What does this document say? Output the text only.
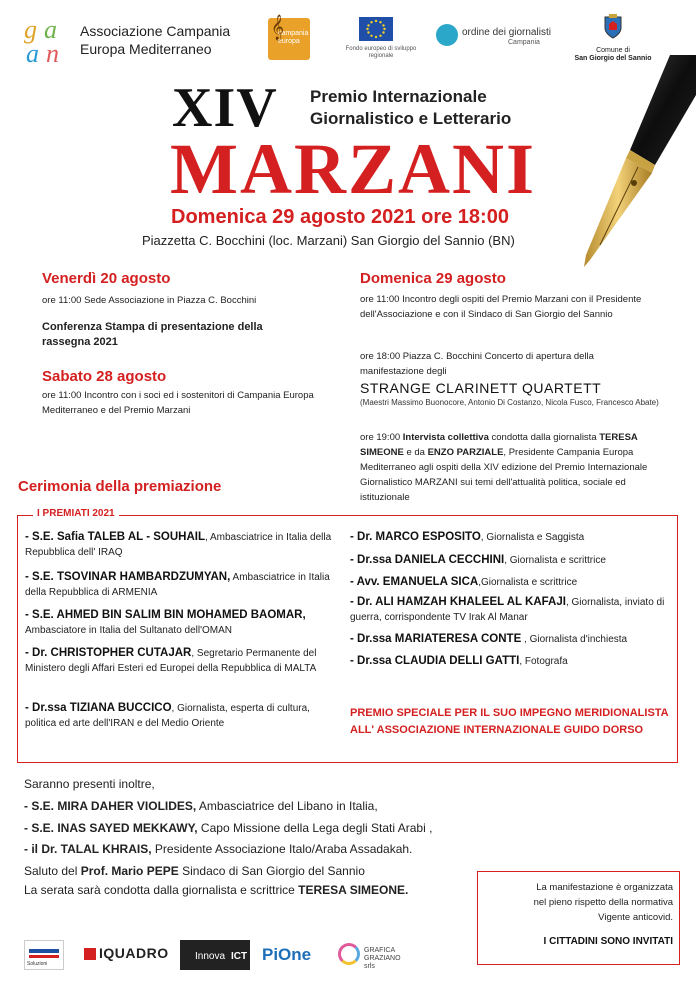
g a
a n
Associazione Campania
Europa Mediterraneo
𝄞
campania europa
Fondo europeo di sviluppo regionale
ordine dei giornalisti
Campania
Comune di
San Giorgio del Sannio
XIV Premio Internazionale
Giornalistico e Letterario
MARZANI
Domenica 29 agosto 2021 ore 18:00
Piazzetta C. Bocchini (loc. Marzani) San Giorgio del Sannio (BN)
Venerdì 20 agosto
ore 11:00 Sede Associazione in Piazza C. Bocchini
Conferenza Stampa di presentazione della rassegna 2021
Sabato 28 agosto
ore 11:00 Incontro con i soci ed i sostenitori di Campania Europa Mediterraneo e del Premio Marzani
Domenica 29 agosto
ore 11:00 Incontro degli ospiti del Premio Marzani con il Presidente dell'Associazione e con il Sindaco di San Giorgio del Sannio
ore 18:00 Piazza C. Bocchini Concerto di apertura della manifestazione degli
STRANGE CLARINETT QUARTETT
(Maestri Massimo Buonocore, Antonio Di Costanzo, Nicola Fusco, Francesco Abate)
ore 19:00 Intervista collettiva condotta dalla giornalista TERESA SIMEONE e da ENZO PARZIALE, Presidente Campania Europa Mediterraneo agli ospiti della XIV edizione del Premio Internazionale Giornalistico MARZANI sui temi dell'attualità politica, sociale ed istituzionale
Cerimonia della premiazione
I PREMIATI 2021
- S.E. Safia TALEB AL - SOUHAIL, Ambasciatrice in Italia della Repubblica dell' IRAQ
- S.E. TSOVINAR HAMBARDZUMYAN, Ambasciatrice in Italia della Repubblica di ARMENIA
- S.E. AHMED BIN SALIM BIN MOHAMED BAOMAR, Ambasciatore in Italia del Sultanato dell'OMAN
- Dr. CHRISTOPHER CUTAJAR, Segretario Permanente del Ministero degli Affari Esteri ed Europei della Repubblica di MALTA
- Dr.ssa TIZIANA BUCCICO, Giornalista, esperta di cultura, politica ed arte dell'IRAN e del Medio Oriente
- Dr. MARCO ESPOSITO, Giornalista e Saggista
- Dr.ssa DANIELA CECCHINI, Giornalista e scrittrice
- Avv. EMANUELA SICA,Giornalista e scrittrice
- Dr. ALI HAMZAH KHALEEL AL KAFAJI, Giornalista, inviato di guerra, corrispondente TV Irak Al Manar
- Dr.ssa MARIATERESA CONTE , Giornalista d'inchiesta
- Dr.ssa CLAUDIA DELLI GATTI, Fotografa
PREMIO SPECIALE PER IL SUO IMPEGNO MERIDIONALISTA ALL' ASSOCIAZIONE INTERNAZIONALE GUIDO DORSO
Saranno presenti inoltre,
- S.E. MIRA DAHER VIOLIDES, Ambasciatrice del Libano in Italia,
- S.E. INAS SAYED MEKKAWY, Capo Missione della Lega degli Stati Arabi ,
- il Dr. TALAL KHRAIS, Presidente Associazione Italo/Araba Assadakah.
Saluto del Prof. Mario PEPE Sindaco di San Giorgio del Sannio
La serata sarà condotta dalla giornalista e scrittrice TERESA SIMEONE.	La manifestazione è organizzata
nel pieno rispetto della normativa
Vigente anticovid.
I CITTADINI SONO INVITATI
Soluzioni
IQUADRO	Innova ICT PiOne	GRAFICA GRAZIANO srls
